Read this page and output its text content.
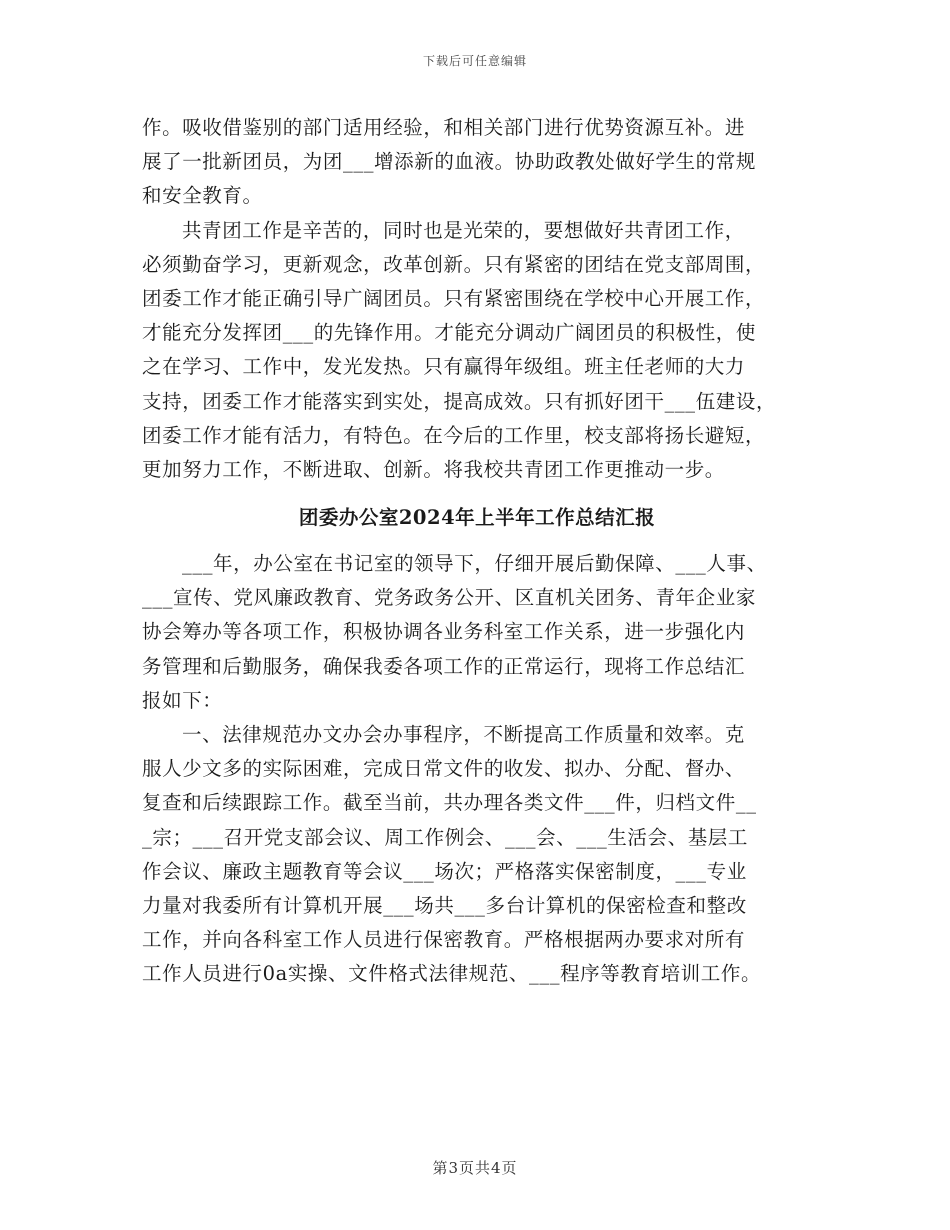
下载后可任意编辑
作。吸收借鉴别的部门适用经验，和相关部门进行优势资源互补。进
展了一批新团员，为团___增添新的血液。协助政教处做好学生的常规
和安全教育。
共青团工作是辛苦的，同时也是光荣的，要想做好共青团工作，
必须勤奋学习，更新观念，改革创新。只有紧密的团结在党支部周围，
团委工作才能正确引导广阔团员。只有紧密围绕在学校中心开展工作，
才能充分发挥团___的先锋作用。才能充分调动广阔团员的积极性，使
之在学习、工作中，发光发热。只有赢得年级组。班主任老师的大力
支持，团委工作才能落实到实处，提高成效。只有抓好团干___伍建设，
团委工作才能有活力，有特色。在今后的工作里，校支部将扬长避短，
更加努力工作，不断进取、创新。将我校共青团工作更推动一步。
团委办公室2024年上半年工作总结汇报
___年，办公室在书记室的领导下，仔细开展后勤保障、___人事、
___宣传、党风廉政教育、党务政务公开、区直机关团务、青年企业家
协会筹办等各项工作，积极协调各业务科室工作关系，进一步强化内
务管理和后勤服务，确保我委各项工作的正常运行，现将工作总结汇
报如下：
一、法律规范办文办会办事程序，不断提高工作质量和效率。克
服人少文多的实际困难，完成日常文件的收发、拟办、分配、督办、
复查和后续跟踪工作。截至当前，共办理各类文件___件，归档文件__
_宗；___召开党支部会议、周工作例会、___会、___生活会、基层工
作会议、廉政主题教育等会议___场次；严格落实保密制度，___专业
力量对我委所有计算机开展___场共___多台计算机的保密检查和整改
工作，并向各科室工作人员进行保密教育。严格根据两办要求对所有
工作人员进行0a实操、文件格式法律规范、___程序等教育培训工作。
第3页共4页
